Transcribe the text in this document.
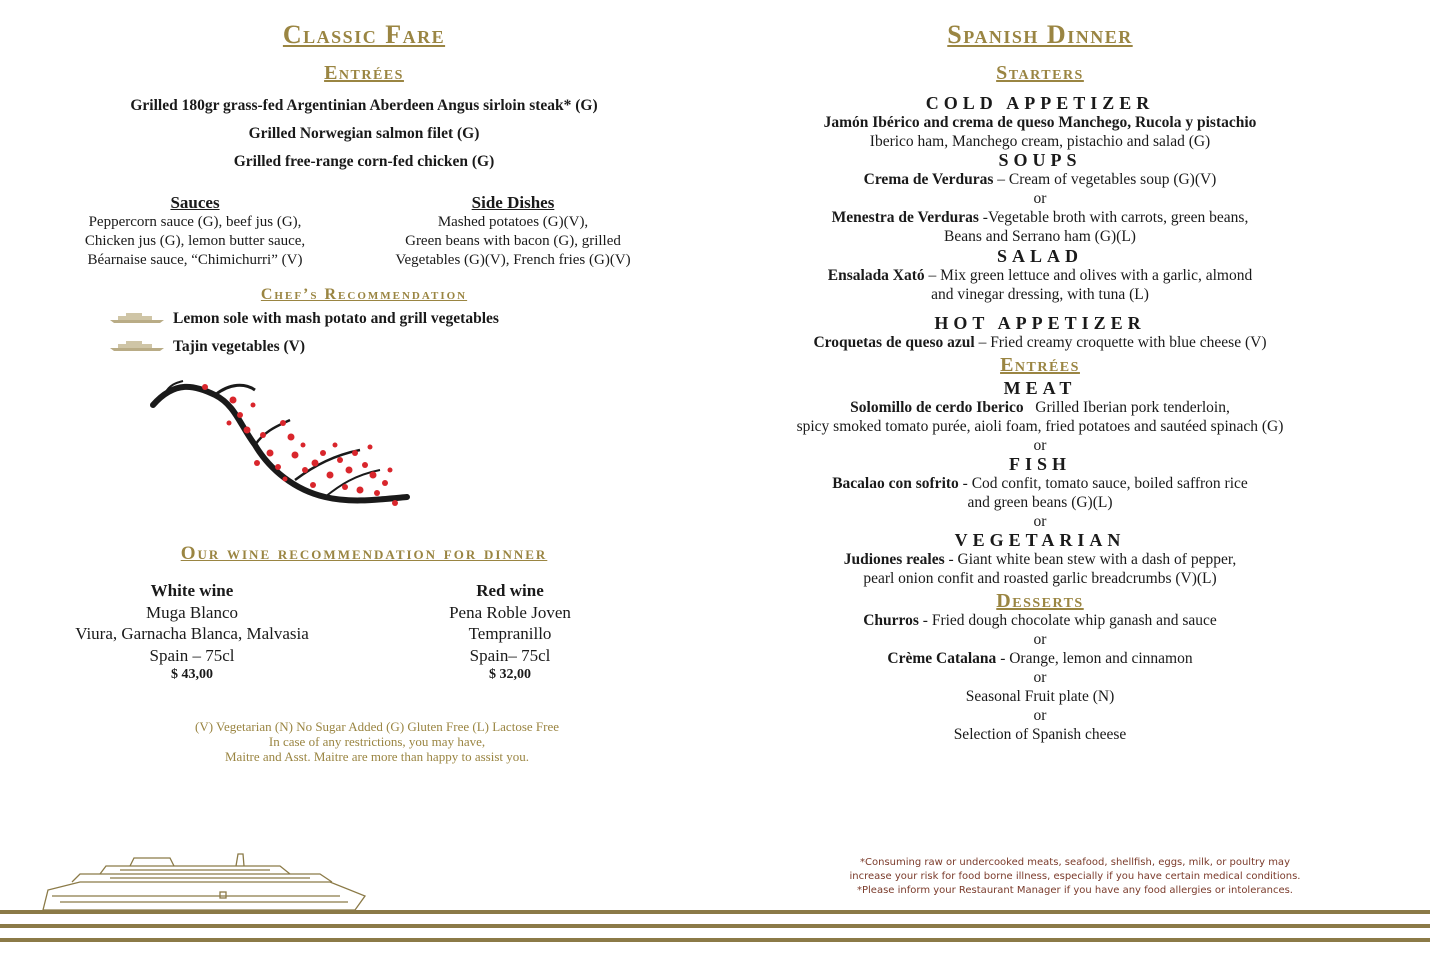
Classic Fare
Entrées
Grilled 180gr grass-fed Argentinian Aberdeen Angus sirloin steak* (G)
Grilled Norwegian salmon filet (G)
Grilled free-range corn-fed chicken (G)
Sauces
Peppercorn sauce (G), beef jus (G),
Chicken jus (G), lemon butter sauce,
Béarnaise sauce, “Chimichurri” (V)
Side Dishes
Mashed potatoes (G)(V),
Green beans with bacon (G), grilled
Vegetables (G)(V), French fries (G)(V)
Chef’s Recommendation
Lemon sole with mash potato and grill vegetables
Tajin vegetables (V)
Our wine recommendation for dinner
White wine
Muga Blanco
Viura, Garnacha Blanca, Malvasia
Spain – 75cl
$ 43,00
Red wine
Pena Roble Joven
Tempranillo
Spain– 75cl
$ 32,00
(V) Vegetarian (N) No Sugar Added (G) Gluten Free (L) Lactose Free
In case of any restrictions, you may have,
Maitre and Asst. Maitre are more than happy to assist you.
Spanish Dinner
Starters
COLD APPETIZER
Jamón Ibérico and crema de queso Manchego, Rucola y pistachio
Iberico ham, Manchego cream, pistachio and salad (G)
SOUPS
Crema de Verduras – Cream of vegetables soup (G)(V)
or
Menestra de Verduras -Vegetable broth with carrots, green beans,
Beans and Serrano ham (G)(L)
SALAD
Ensalada Xató – Mix green lettuce and olives with a garlic, almond
and vinegar dressing, with tuna (L)
HOT APPETIZER
Croquetas de queso azul – Fried creamy croquette with blue cheese (V)
Entrées
MEAT
Solomillo de cerdo Iberico   Grilled Iberian pork tenderloin,
spicy smoked tomato purée, aioli foam, fried potatoes and sautéed spinach (G)
or
FISH
Bacalao con sofrito - Cod confit, tomato sauce, boiled saffron rice
and green beans (G)(L)
or
VEGETARIAN
Judiones reales - Giant white bean stew with a dash of pepper,
pearl onion confit and roasted garlic breadcrumbs (V)(L)
Desserts
Churros - Fried dough chocolate whip ganash and sauce
or
Crème Catalana - Orange, lemon and cinnamon
or
Seasonal Fruit plate (N)
or
Selection of Spanish cheese
*Consuming raw or undercooked meats, seafood, shellfish, eggs, milk, or poultry may
increase your risk for food borne illness, especially if you have certain medical conditions.
*Please inform your Restaurant Manager if you have any food allergies or intolerances.
